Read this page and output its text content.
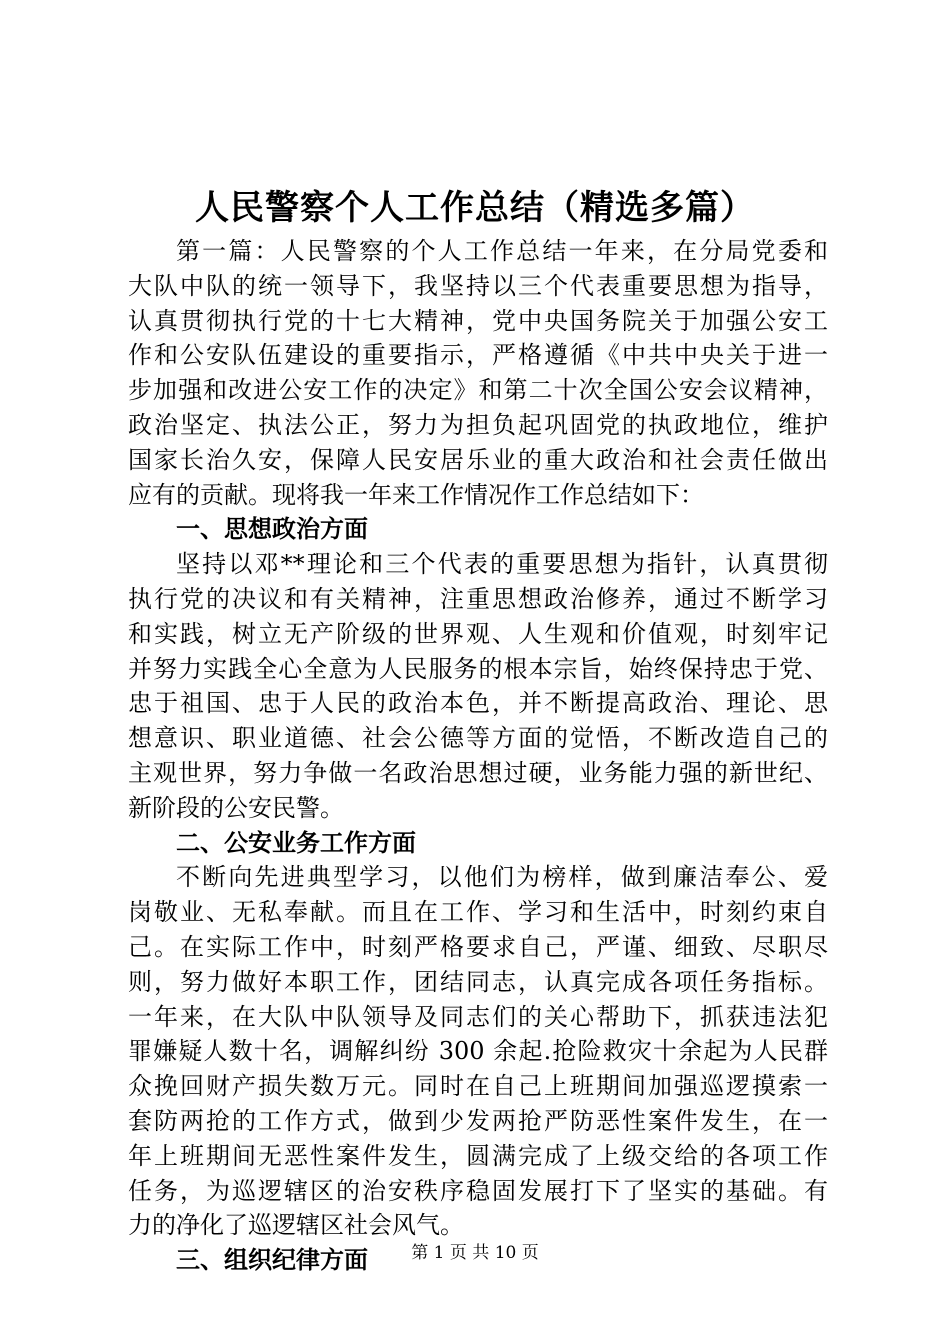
人民警察个人工作总结（精选多篇）
第一篇：人民警察的个人工作总结一年来，在分局党委和
大队中队的统一领导下，我坚持以三个代表重要思想为指导，
认真贯彻执行党的十七大精神，党中央国务院关于加强公安工
作和公安队伍建设的重要指示，严格遵循《中共中央关于进一
步加强和改进公安工作的决定》和第二十次全国公安会议精神，
政治坚定、执法公正，努力为担负起巩固党的执政地位，维护
国家长治久安，保障人民安居乐业的重大政治和社会责任做出
应有的贡献。现将我一年来工作情况作工作总结如下：
一、思想政治方面
坚持以邓**理论和三个代表的重要思想为指针，认真贯彻
执行党的决议和有关精神，注重思想政治修养，通过不断学习
和实践，树立无产阶级的世界观、人生观和价值观，时刻牢记
并努力实践全心全意为人民服务的根本宗旨，始终保持忠于党、
忠于祖国、忠于人民的政治本色，并不断提高政治、理论、思
想意识、职业道德、社会公德等方面的觉悟，不断改造自己的
主观世界，努力争做一名政治思想过硬，业务能力强的新世纪、
新阶段的公安民警。
二、公安业务工作方面
不断向先进典型学习，以他们为榜样，做到廉洁奉公、爱
岗敬业、无私奉献。而且在工作、学习和生活中，时刻约束自
己。在实际工作中，时刻严格要求自己，严谨、细致、尽职尽
则，努力做好本职工作，团结同志，认真完成各项任务指标。
一年来，在大队中队领导及同志们的关心帮助下，抓获违法犯
罪嫌疑人数十名，调解纠纷 300 余起.抢险救灾十余起为人民群
众挽回财产损失数万元。同时在自己上班期间加强巡逻摸索一
套防两抢的工作方式，做到少发两抢严防恶性案件发生，在一
年上班期间无恶性案件发生，圆满完成了上级交给的各项工作
任务，为巡逻辖区的治安秩序稳固发展打下了坚实的基础。有
力的净化了巡逻辖区社会风气。
三、组织纪律方面	第 1 页 共 10 页
